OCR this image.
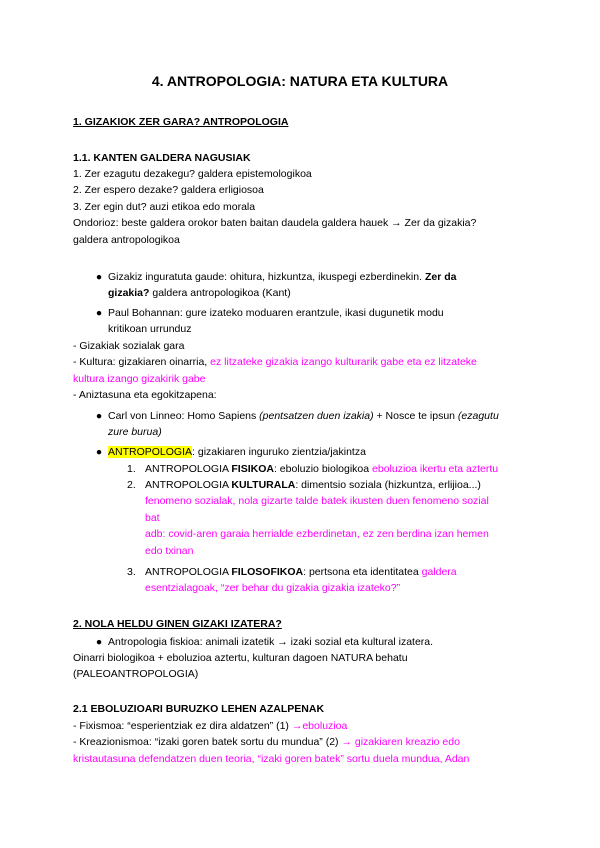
4. ANTROPOLOGIA: NATURA ETA KULTURA
1. GIZAKIOK ZER GARA? ANTROPOLOGIA
1.1. KANTEN GALDERA NAGUSIAK
1. Zer ezagutu dezakegu? galdera epistemologikoa
2. Zer espero dezake? galdera erligiosoa
3. Zer egin dut? auzi etikoa edo morala
Ondorioz: beste galdera orokor baten baitan daudela galdera hauek → Zer da gizakia?
galdera antropologikoa
● Gizakiz inguratuta gaude: ohitura, hizkuntza, ikuspegi ezberdinekin. Zer da
gizakia? galdera antropologikoa (Kant)
● Paul Bohannan: gure izateko moduaren erantzule, ikasi dugunetik modu
kritikoan urrunduz
- Gizakiak sozialak gara
- Kultura: gizakiaren oinarria, ez litzateke gizakia izango kulturarik gabe eta ez litzateke
kultura izango gizakirik gabe
- Aniztasuna eta egokitzapena:
● Carl von Linneo: Homo Sapiens (pentsatzen duen izakia) + Nosce te ipsun (ezagutu
zure burua)
● ANTROPOLOGIA: gizakiaren inguruko zientzia/jakintza
1. ANTROPOLOGIA FISIKOA: eboluzio biologikoa eboluzioa ikertu eta aztertu
2. ANTROPOLOGIA KULTURALA: dimentsio soziala (hizkuntza, erlijioa...)
fenomeno sozialak, nola gizarte talde batek ikusten duen fenomeno sozial
bat
adb: covid-aren garaia herrialde ezberdinetan, ez zen berdina izan hemen
edo txinan
3. ANTROPOLOGIA FILOSOFIKOA: pertsona eta identitatea galdera
esentzialagoak, “zer behar du gizakia gizakia izateko?”
2. NOLA HELDU GINEN GIZAKI IZATERA?
● Antropologia fiskioa: animali izatetik → izaki sozial eta kultural izatera.
Oinarri biologikoa + eboluzioa aztertu, kulturan dagoen NATURA behatu
(PALEOANTROPOLOGIA)
2.1 EBOLUZIOARI BURUZKO LEHEN AZALPENAK
- Fixismoa: “esperientziak ez dira aldatzen” (1) →eboluzioa
- Kreazionismoa: “izaki goren batek sortu du mundua” (2) → gizakiaren kreazio edo
kristautasuna defendatzen duen teoria, “izaki goren batek” sortu duela mundua, Adan
